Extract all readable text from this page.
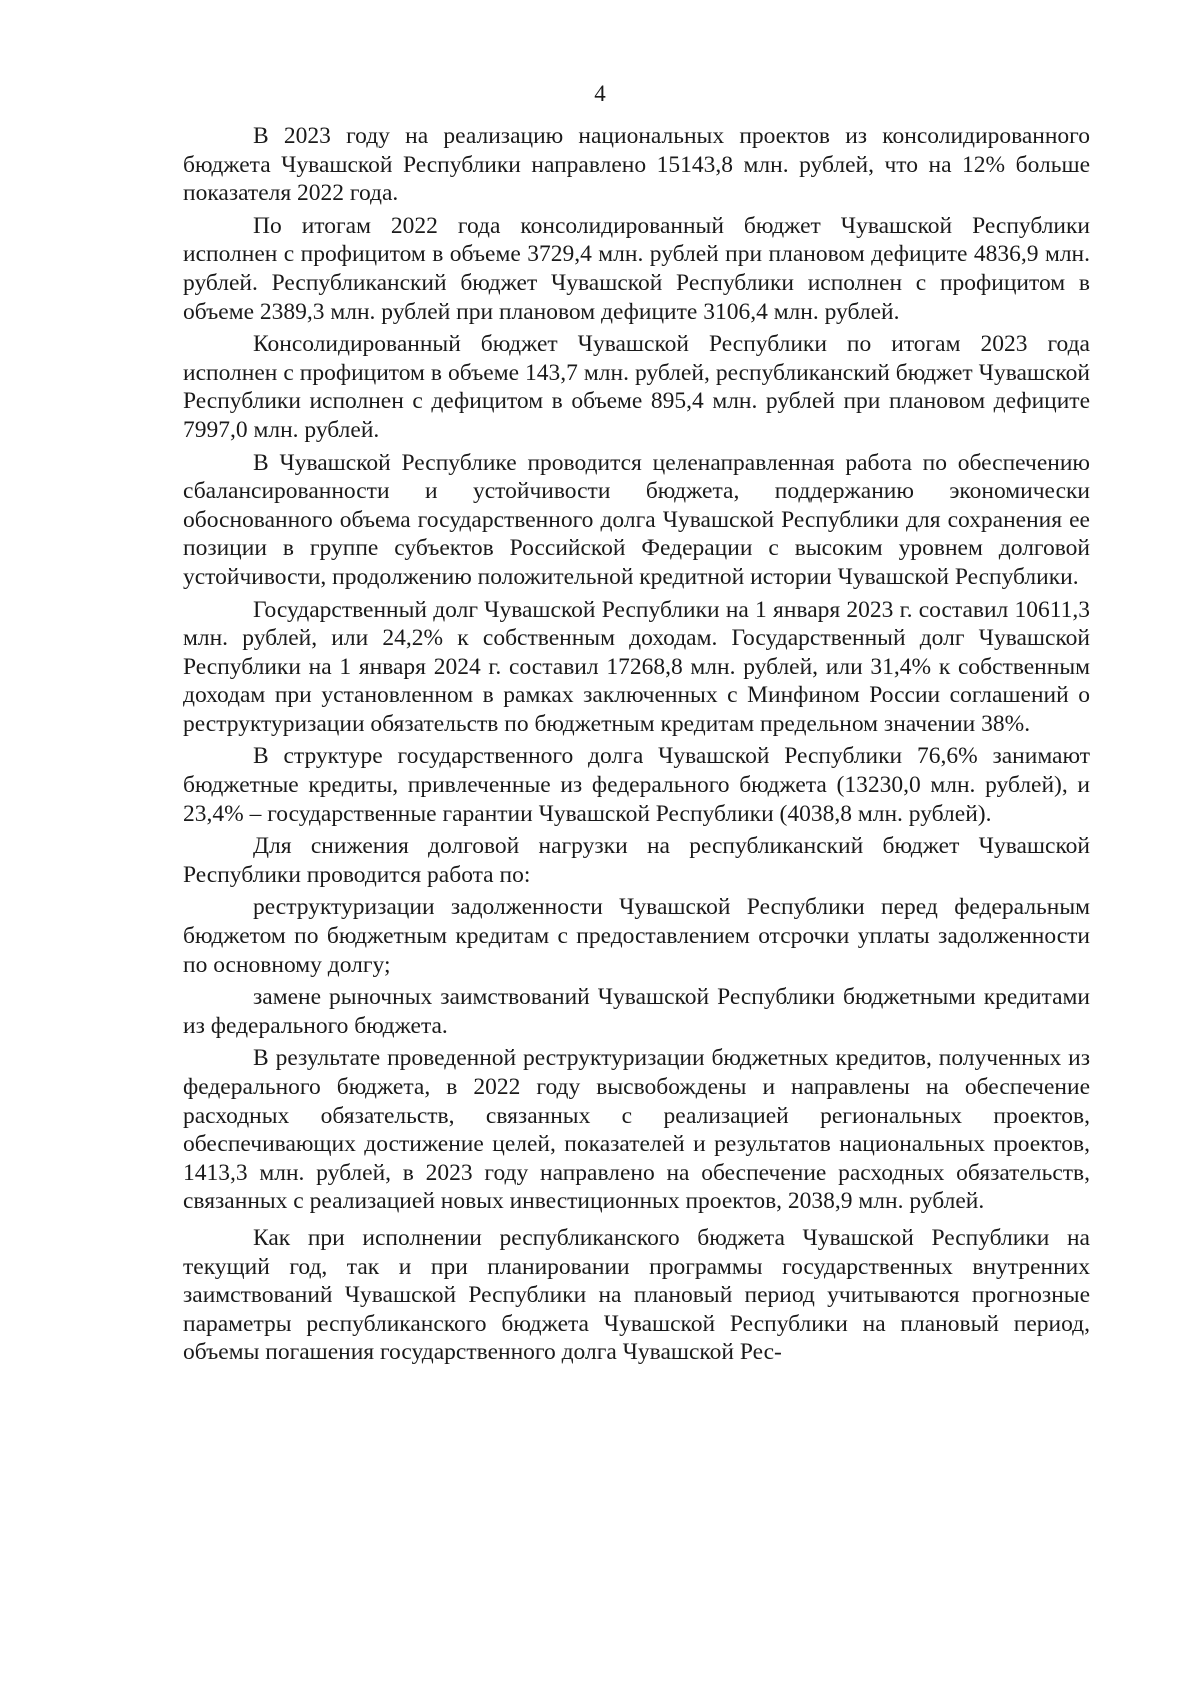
4

В 2023 году на реализацию национальных проектов из консолидированного бюджета Чувашской Республики направлено 15143,8 млн. рублей, что на 12% больше показателя 2022 года.

По итогам 2022 года консолидированный бюджет Чувашской Республики исполнен с профицитом в объеме 3729,4 млн. рублей при плановом дефиците 4836,9 млн. рублей. Республиканский бюджет Чувашской Республики исполнен с профицитом в объеме 2389,3 млн. рублей при плановом дефиците 3106,4 млн. рублей.

Консолидированный бюджет Чувашской Республики по итогам 2023 года исполнен с профицитом в объеме 143,7 млн. рублей, республиканский бюджет Чувашской Республики исполнен с дефицитом в объеме 895,4 млн. рублей при плановом дефиците 7997,0 млн. рублей.

В Чувашской Республике проводится целенаправленная работа по обеспечению сбалансированности и устойчивости бюджета, поддержанию экономически обоснованного объема государственного долга Чувашской Республики для сохранения ее позиции в группе субъектов Российской Федерации с высоким уровнем долговой устойчивости, продолжению положительной кредитной истории Чувашской Республики.

Государственный долг Чувашской Республики на 1 января 2023 г. составил 10611,3 млн. рублей, или 24,2% к собственным доходам. Государственный долг Чувашской Республики на 1 января 2024 г. составил 17268,8 млн. рублей, или 31,4% к собственным доходам при установленном в рамках заключенных с Минфином России соглашений о реструктуризации обязательств по бюджетным кредитам предельном значении 38%.

В структуре государственного долга Чувашской Республики 76,6% занимают бюджетные кредиты, привлеченные из федерального бюджета (13230,0 млн. рублей), и 23,4% – государственные гарантии Чувашской Республики (4038,8 млн. рублей).

Для снижения долговой нагрузки на республиканский бюджет Чувашской Республики проводится работа по:

реструктуризации задолженности Чувашской Республики перед федеральным бюджетом по бюджетным кредитам с предоставлением отсрочки уплаты задолженности по основному долгу;

замене рыночных заимствований Чувашской Республики бюджетными кредитами из федерального бюджета.

В результате проведенной реструктуризации бюджетных кредитов, полученных из федерального бюджета, в 2022 году высвобождены и направлены на обеспечение расходных обязательств, связанных с реализацией региональных проектов, обеспечивающих достижение целей, показателей и результатов национальных проектов, 1413,3 млн. рублей, в 2023 году направлено на обеспечение расходных обязательств, связанных с реализацией новых инвестиционных проектов, 2038,9 млн. рублей.

Как при исполнении республиканского бюджета Чувашской Республики на текущий год, так и при планировании программы государственных внутренних заимствований Чувашской Республики на плановый период учитываются прогнозные параметры республиканского бюджета Чувашской Республики на плановый период, объемы погашения государственного долга Чувашской Рес-
